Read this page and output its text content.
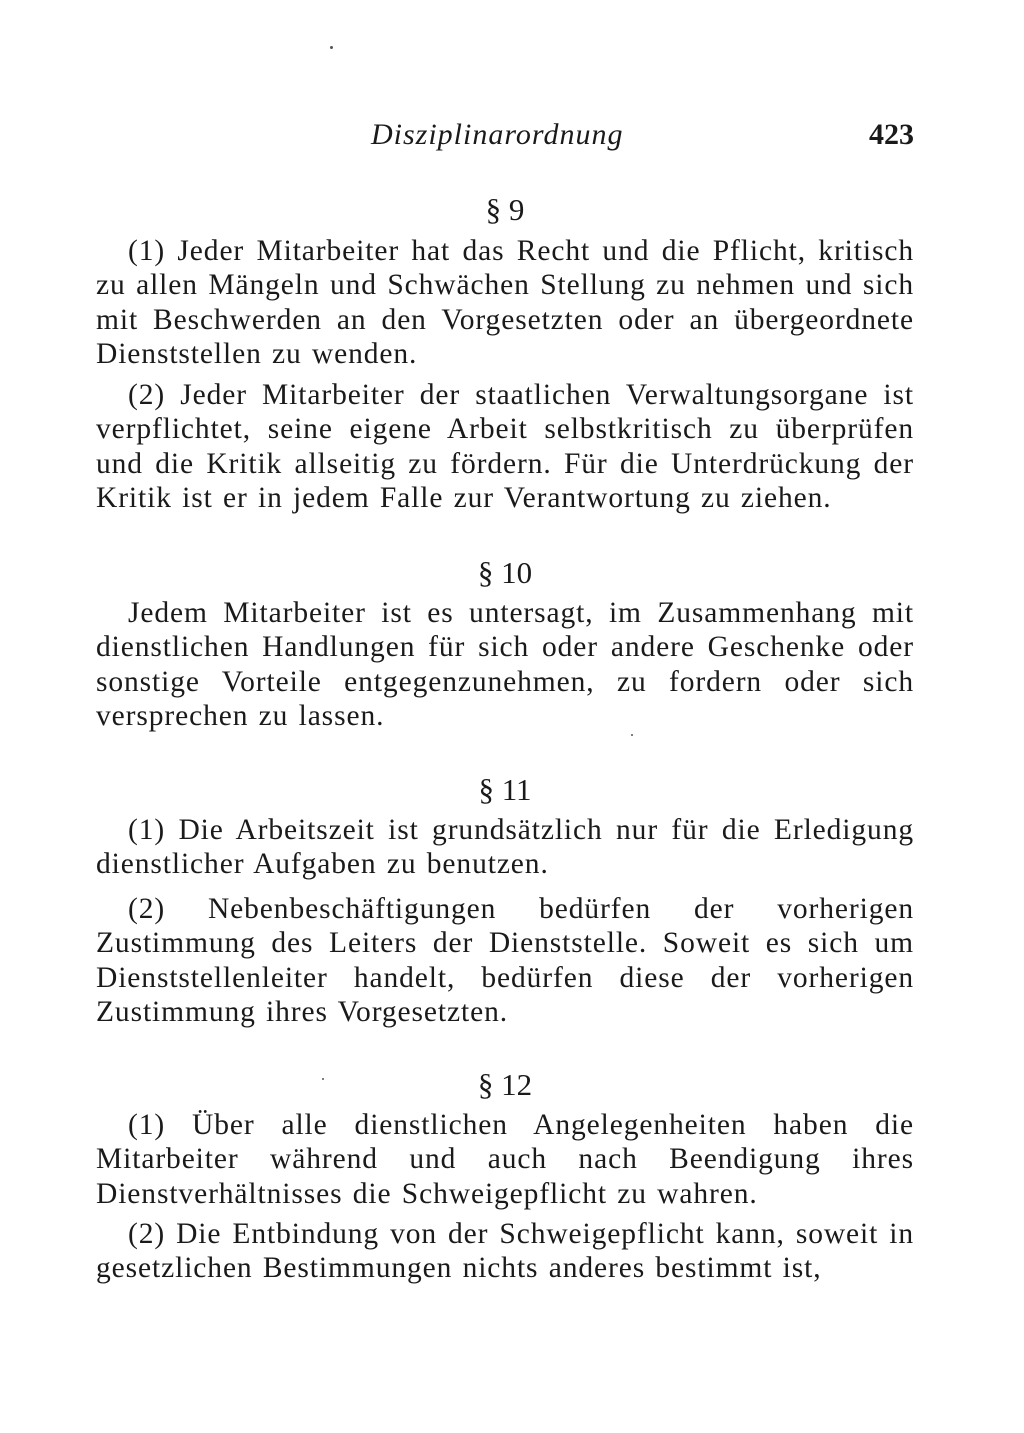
Disziplinarordnung	423
§ 9

(1) Jeder Mitarbeiter hat das Recht und die Pflicht, kritisch zu allen Mängeln und Schwächen Stellung zu nehmen und sich mit Beschwerden an den Vorgesetzten oder an übergeordnete Dienststellen zu wenden.

(2) Jeder Mitarbeiter der staatlichen Verwaltungsorgane ist verpflichtet, seine eigene Arbeit selbstkritisch zu überprüfen und die Kritik allseitig zu fördern. Für die Unterdrückung der Kritik ist er in jedem Falle zur Verantwortung zu ziehen.

§ 10

Jedem Mitarbeiter ist es untersagt, im Zusammenhang mit dienstlichen Handlungen für sich oder andere Geschenke oder sonstige Vorteile entgegenzunehmen, zu fordern oder sich versprechen zu lassen.

§ 11

(1) Die Arbeitszeit ist grundsätzlich nur für die Erledigung dienstlicher Aufgaben zu benutzen.

(2) Nebenbeschäftigungen bedürfen der vorherigen Zustimmung des Leiters der Dienststelle. Soweit es sich um Dienststellenleiter handelt, bedürfen diese der vorherigen Zustimmung ihres Vorgesetzten.

§ 12

(1) Über alle dienstlichen Angelegenheiten haben die Mitarbeiter während und auch nach Beendigung ihres Dienstverhältnisses die Schweigepflicht zu wahren.

(2) Die Entbindung von der Schweigepflicht kann, soweit in gesetzlichen Bestimmungen nichts anderes bestimmt ist,
